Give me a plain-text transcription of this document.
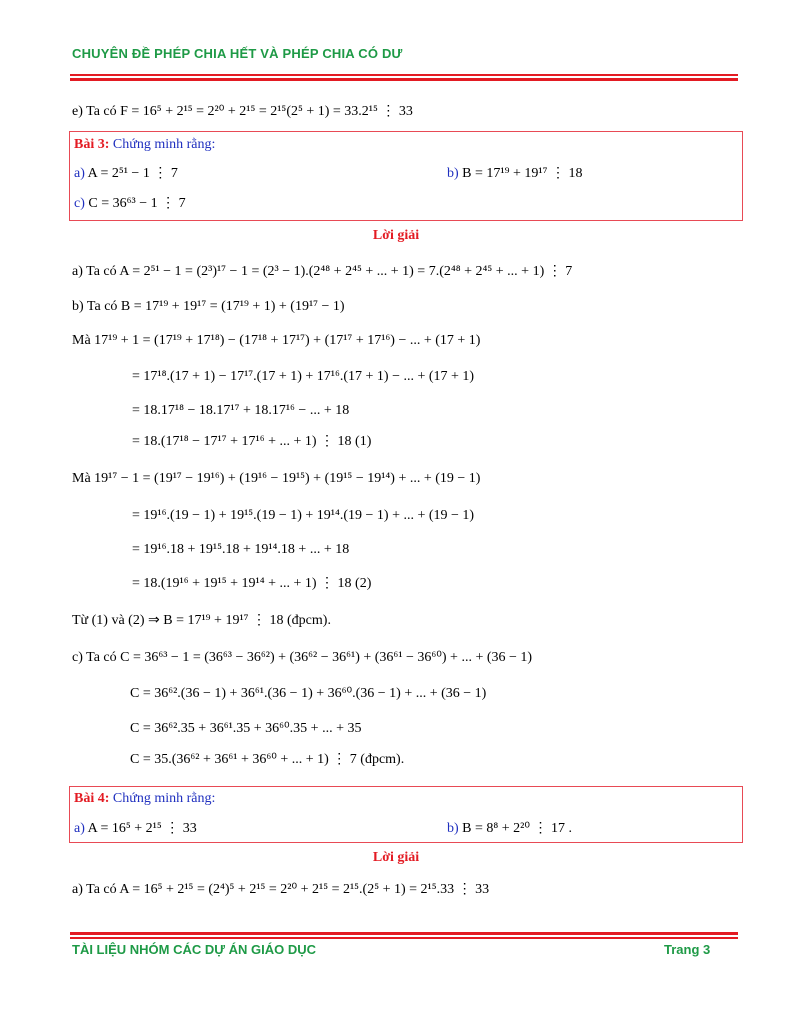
CHUYÊN ĐỀ PHÉP CHIA HẾT VÀ PHÉP CHIA CÓ DƯ
e) Ta có F = 16⁵ + 2¹⁵ = 2²⁰ + 2¹⁵ = 2¹⁵(2⁵ + 1) = 33.2¹⁵ ⋮ 33
Bài 3: Chứng minh rằng:
a) A = 2⁵¹ − 1 ⋮ 7	b) B = 17¹⁹ + 19¹⁷ ⋮ 18
c) C = 36⁶³ − 1 ⋮ 7
Lời giải
a) Ta có A = 2⁵¹ − 1 = (2³)¹⁷ − 1 = (2³ − 1).(2⁴⁸ + 2⁴⁵ + ... + 1) = 7.(2⁴⁸ + 2⁴⁵ + ... + 1) ⋮ 7
b) Ta có B = 17¹⁹ + 19¹⁷ = (17¹⁹ + 1) + (19¹⁷ − 1)
Mà 17¹⁹ + 1 = (17¹⁹ + 17¹⁸) − (17¹⁸ + 17¹⁷) + (17¹⁷ + 17¹⁶) − ... + (17 + 1)
= 17¹⁸.(17 + 1) − 17¹⁷.(17 + 1) + 17¹⁶.(17 + 1) − ... + (17 + 1)
= 18.17¹⁸ − 18.17¹⁷ + 18.17¹⁶ − ... + 18
= 18.(17¹⁸ − 17¹⁷ + 17¹⁶ + ... + 1) ⋮ 18 (1)
Mà 19¹⁷ − 1 = (19¹⁷ − 19¹⁶) + (19¹⁶ − 19¹⁵) + (19¹⁵ − 19¹⁴) + ... + (19 − 1)
= 19¹⁶.(19 − 1) + 19¹⁵.(19 − 1) + 19¹⁴.(19 − 1) + ... + (19 − 1)
= 19¹⁶.18 + 19¹⁵.18 + 19¹⁴.18 + ... + 18
= 18.(19¹⁶ + 19¹⁵ + 19¹⁴ + ... + 1) ⋮ 18 (2)
Từ (1) và (2) ⇒ B = 17¹⁹ + 19¹⁷ ⋮ 18 (đpcm).
c) Ta có C = 36⁶³ − 1 = (36⁶³ − 36⁶²) + (36⁶² − 36⁶¹) + (36⁶¹ − 36⁶⁰) + ... + (36 − 1)
C = 36⁶².(36 − 1) + 36⁶¹.(36 − 1) + 36⁶⁰.(36 − 1) + ... + (36 − 1)
C = 36⁶².35 + 36⁶¹.35 + 36⁶⁰.35 + ... + 35
C = 35.(36⁶² + 36⁶¹ + 36⁶⁰ + ... + 1) ⋮ 7 (đpcm).
Bài 4: Chứng minh rằng:
a) A = 16⁵ + 2¹⁵ ⋮ 33	b) B = 8⁸ + 2²⁰ ⋮ 17 .
Lời giải
a) Ta có A = 16⁵ + 2¹⁵ = (2⁴)⁵ + 2¹⁵ = 2²⁰ + 2¹⁵ = 2¹⁵.(2⁵ + 1) = 2¹⁵.33 ⋮ 33
TÀI LIỆU NHÓM CÁC DỰ ÁN GIÁO DỤC	Trang 3
